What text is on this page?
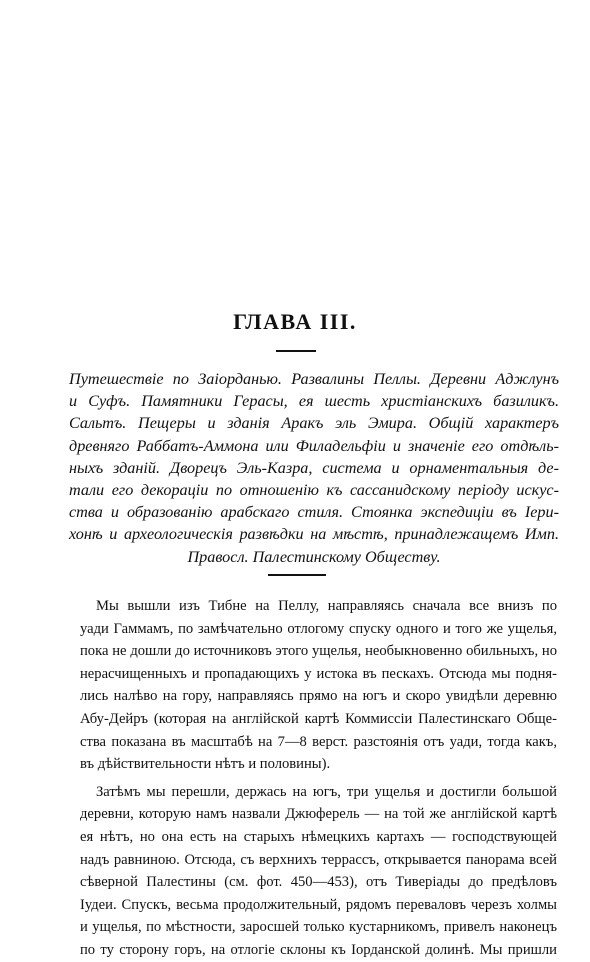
ГЛАВА III.
Путешествіе по Заiорданью. Развалины Пеллы. Деревни Аджлунъ
и Суфъ. Памятники Герасы, ея шесть христіанскихъ базиликъ.
Сальтъ. Пещеры и зданія Аракъ эль Эмира. Общій характеръ
древняго Раббатъ-Аммона или Филадельфіи и значеніе его отдѣль-
ныхъ зданій. Дворецъ Эль-Казра, система и орнаментальныя де-
тали его декораціи по отношенію къ сассанидскому періоду искус-
ства и образованію арабскаго стиля. Стоянка экспедиціи въ Іери-
хонѣ и археологическія развѣдки на мѣстѣ, принадлежащемъ Имп.
Правосл. Палестинскому Обществу.
Мы вышли изъ Тибне на Пеллу, направляясь сначала все внизъ по
уади Гаммамъ, по замѣчательно отлогому спуску одного и того же ущелья,
пока не дошли до источниковъ этого ущелья, необыкновенно обильныхъ, но
нерасчищенныхъ и пропадающихъ у истока въ пескахъ. Отсюда мы подня-
лись налѣво на гору, направляясь прямо на югъ и скоро увидѣли деревню
Абу-Дейръ (которая на англійской картѣ Коммиссіи Палестинскаго Обще-
ства показана въ масштабѣ на 7—8 верст. разстоянія отъ уади, тогда какъ,
въ дѣйствительности нѣтъ и половины).
Затѣмъ мы перешли, держась на югъ, три ущелья и достигли большой
деревни, которую намъ назвали Джюферель — на той же англійской картѣ
ея нѣтъ, но она есть на старыхъ нѣмецкихъ картахъ — господствующей
надъ равниною. Отсюда, съ верхнихъ террассъ, открывается панорама всей
сѣверной Палестины (см. фот. 450—453), отъ Тиверіады до предѣловъ
Іудеи. Спускъ, весьма продолжительный, рядомъ переваловъ черезъ холмы
и ущелья, по мѣстности, заросшей только кустарникомъ, привелъ наконецъ
по ту сторону горъ, на отлогіе склоны къ Іорданской долинѣ. Мы пришли
